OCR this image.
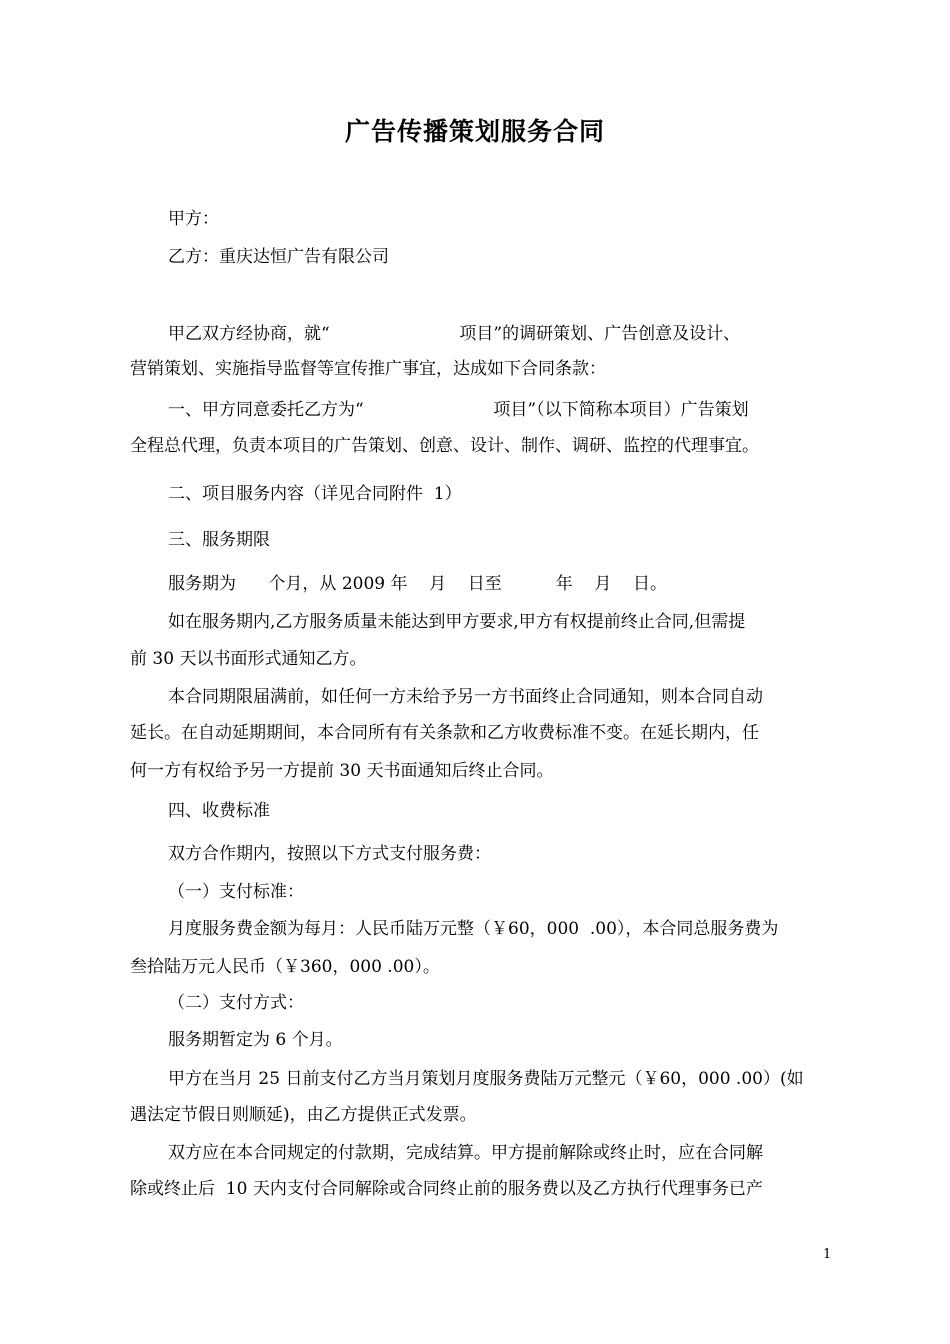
广告传播策划服务合同
甲方：
乙方：重庆达恒广告有限公司
甲乙双方经协商，就“                        项目”的调研策划、广告创意及设计、
营销策划、实施指导监督等宣传推广事宜，达成如下合同条款：
一、甲方同意委托乙方为“                        项目”（以下简称本项目）广告策划
全程总代理，负责本项目的广告策划、创意、设计、制作、调研、监控的代理事宜。
二、项目服务内容（详见合同附件  1）
三、服务期限
服务期为      个月，从 2009 年    月    日至          年    月    日。
如在服务期内,乙方服务质量未能达到甲方要求,甲方有权提前终止合同,但需提
前 30 天以书面形式通知乙方。
本合同期限届满前，如任何一方未给予另一方书面终止合同通知，则本合同自动
延长。在自动延期期间，本合同所有有关条款和乙方收费标准不变。在延长期内，任
何一方有权给予另一方提前 30 天书面通知后终止合同。
四、收费标准
双方合作期内，按照以下方式支付服务费：
（一）支付标准：
月度服务费金额为每月：人民币陆万元整（￥60，000  .00），本合同总服务费为
叁拾陆万元人民币（￥360，000 .00）。
（二）支付方式：
服务期暂定为 6 个月。
甲方在当月 25 日前支付乙方当月策划月度服务费陆万元整元（￥60，000 .00）(如
遇法定节假日则顺延)，由乙方提供正式发票。
双方应在本合同规定的付款期，完成结算。甲方提前解除或终止时，应在合同解
除或终止后  10 天内支付合同解除或合同终止前的服务费以及乙方执行代理事务已产
1
